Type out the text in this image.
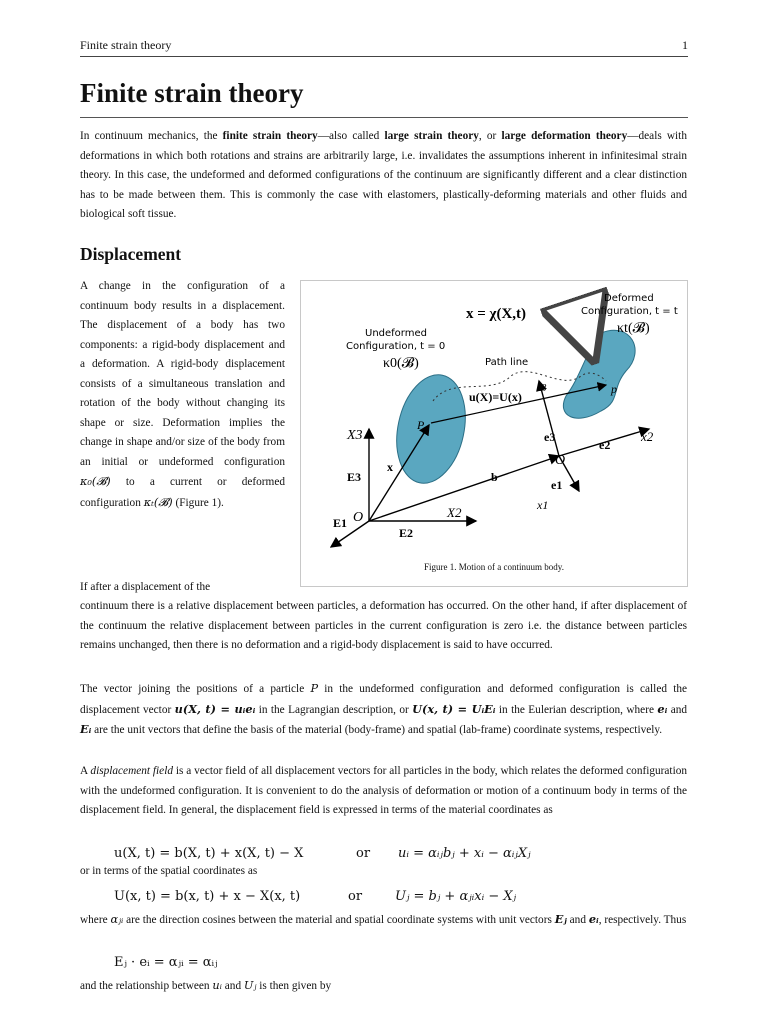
Finite strain theory	1
Finite strain theory
In continuum mechanics, the finite strain theory—also called large strain theory, or large deformation theory—deals with deformations in which both rotations and strains are arbitrarily large, i.e. invalidates the assumptions inherent in infinitesimal strain theory. In this case, the undeformed and deformed configurations of the continuum are significantly different and a clear distinction has to be made between them. This is commonly the case with elastomers, plastically-deforming materials and other fluids and biological soft tissue.
Displacement
A change in the configuration of a continuum body results in a displacement. The displacement of a body has two components: a rigid-body displacement and a deformation. A rigid-body displacement consists of a simultaneous translation and rotation of the body without changing its shape or size. Deformation implies the change in shape and/or size of the body from an initial or undeformed configuration κ₀(𝓑) to a current or deformed configuration κₜ(𝓑) (Figure 1).
If after a displacement of the
x = χ(X,t)
Deformed
Configuration, t = t
κt(𝓑)
Undeformed
Configuration, t = 0
κ0(𝓑)	Path line
u(X)=U(x)
X3
X2
E1
E3
E2
O
x
b
P
p
x3
e3
e2
x2
O
e1
x1
Figure 1. Motion of a continuum body.
continuum there is a relative displacement between particles, a deformation has occurred. On the other hand, if after displacement of the continuum the relative displacement between particles in the current configuration is zero i.e. the distance between particles remains unchanged, then there is no deformation and a rigid-body displacement is said to have occurred.
The vector joining the positions of a particle P in the undeformed configuration and deformed configuration is called the displacement vector u(X, t) = uᵢeᵢ in the Lagrangian description, or U(x, t) = UᵢEᵢ in the Eulerian description, where eᵢ and Eᵢ are the unit vectors that define the basis of the material (body-frame) and spatial (lab-frame) coordinate systems, respectively.
A displacement field is a vector field of all displacement vectors for all particles in the body, which relates the deformed configuration with the undeformed configuration. It is convenient to do the analysis of deformation or motion of a continuum body in terms of the displacement field. In general, the displacement field is expressed in terms of the material coordinates as
u(X, t) = b(X, t) + x(X, t) − X	or uᵢ = αᵢⱼbⱼ + xᵢ − αᵢⱼXⱼ
or in terms of the spatial coordinates as
U(x, t) = b(x, t) + x − X(x, t)	or	Uⱼ = bⱼ + αⱼᵢxᵢ − Xⱼ
where αⱼᵢ are the direction cosines between the material and spatial coordinate systems with unit vectors Eⱼ and eᵢ, respectively. Thus
Eⱼ · eᵢ = αⱼᵢ = αᵢⱼ
and the relationship between uᵢ and Uⱼ is then given by
